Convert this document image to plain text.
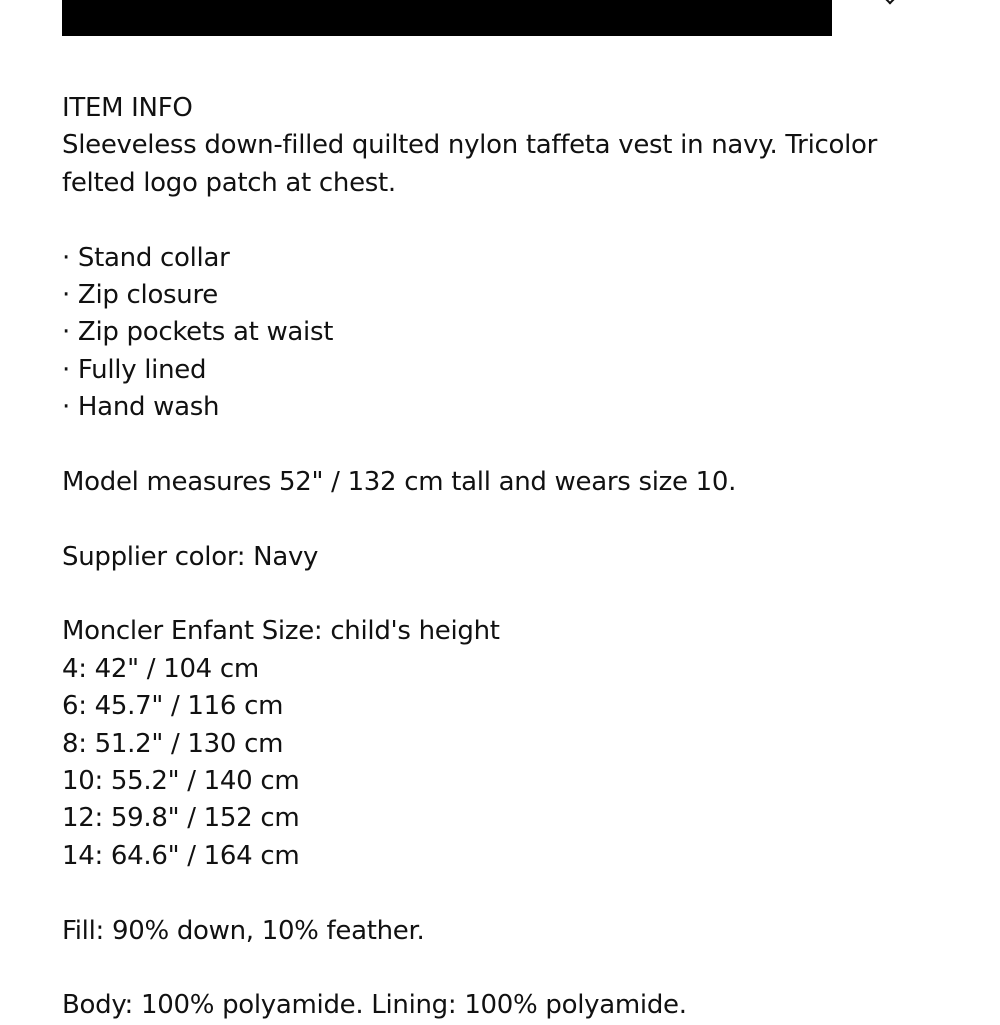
ITEM INFO
Sleeveless down-filled quilted nylon taffeta vest in navy. Tricolor
felted logo patch at chest.
· Stand collar
· Zip closure
· Zip pockets at waist
· Fully lined
· Hand wash
Model measures 52" / 132 cm tall and wears size 10.
Supplier color: Navy
Moncler Enfant Size: child's height
4: 42" / 104 cm
6: 45.7" / 116 cm
8: 51.2" / 130 cm
10: 55.2" / 140 cm
12: 59.8" / 152 cm
14: 64.6" / 164 cm
Fill: 90% down, 10% feather.
Body: 100% polyamide. Lining: 100% polyamide.
